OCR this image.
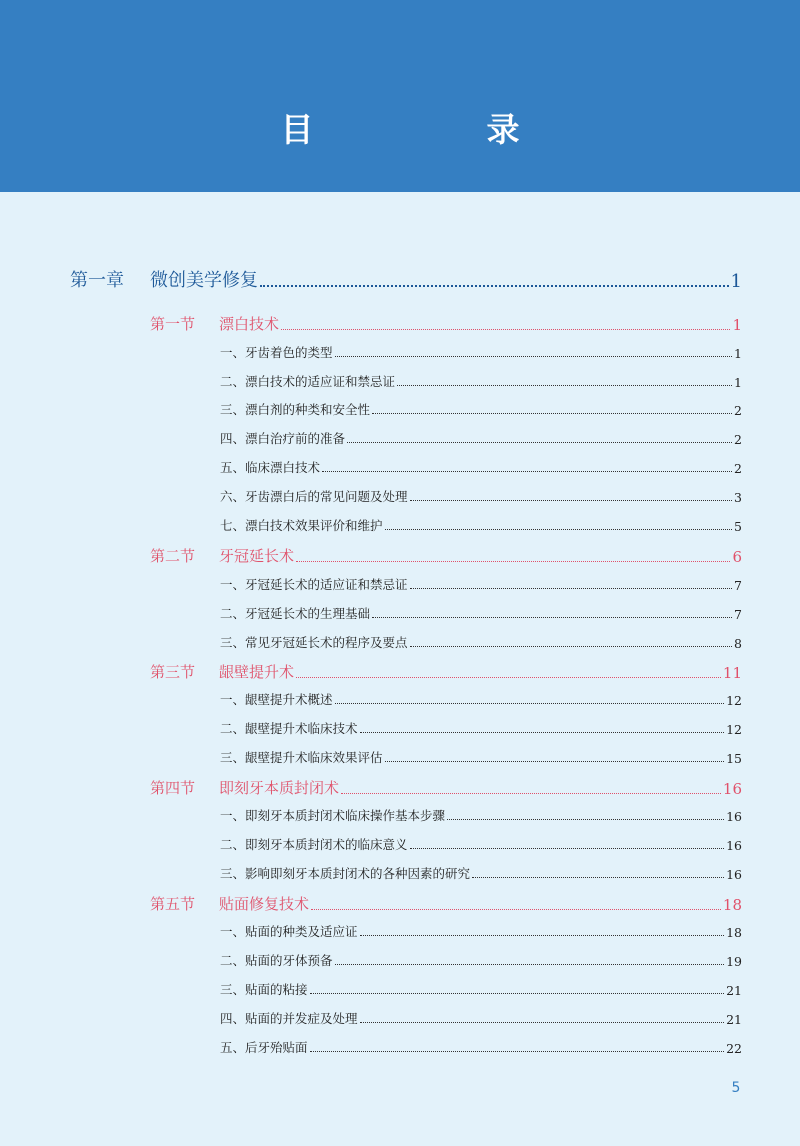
目　录
第一章 微创美学修复	1
第一节 漂白技术	1
一、牙齿着色的类型	1
二、漂白技术的适应证和禁忌证	1
三、漂白剂的种类和安全性	2
四、漂白治疗前的准备	2
五、临床漂白技术	2
六、牙齿漂白后的常见问题及处理	3
七、漂白技术效果评价和维护	5
第二节 牙冠延长术	6
一、牙冠延长术的适应证和禁忌证	7
二、牙冠延长术的生理基础	7
三、常见牙冠延长术的程序及要点	8
第三节 龈壁提升术	11
一、龈壁提升术概述	12
二、龈壁提升术临床技术	12
三、龈壁提升术临床效果评估	15
第四节 即刻牙本质封闭术	16
一、即刻牙本质封闭术临床操作基本步骤	16
二、即刻牙本质封闭术的临床意义	16
三、影响即刻牙本质封闭术的各种因素的研究	16
第五节 贴面修复技术	18
一、贴面的种类及适应证	18
二、贴面的牙体预备	19
三、贴面的粘接	21
四、贴面的并发症及处理	21
五、后牙殆贴面	22
5
